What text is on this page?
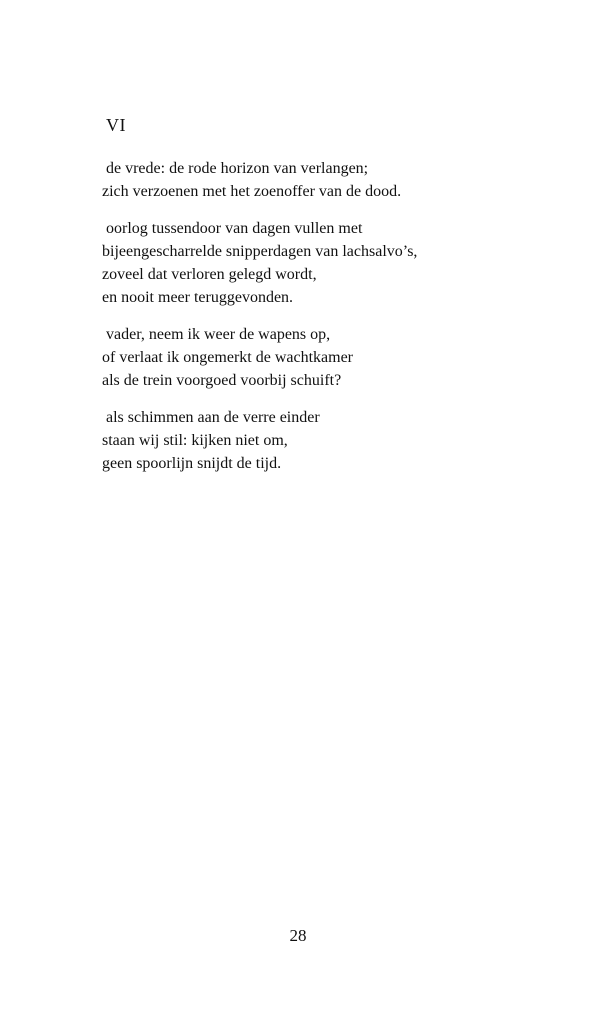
VI

de vrede: de rode horizon van verlangen;
zich verzoenen met het zoenoffer van de dood.

oorlog tussendoor van dagen vullen met
bijeengescharrelde snipperdagen van lachsalvo’s,
zoveel dat verloren gelegd wordt,
en nooit meer teruggevonden.

vader, neem ik weer de wapens op,
of verlaat ik ongemerkt de wachtkamer
als de trein voorgoed voorbij schuift?

als schimmen aan de verre einder
staan wij stil: kijken niet om,
geen spoorlijn snijdt de tijd.

28
